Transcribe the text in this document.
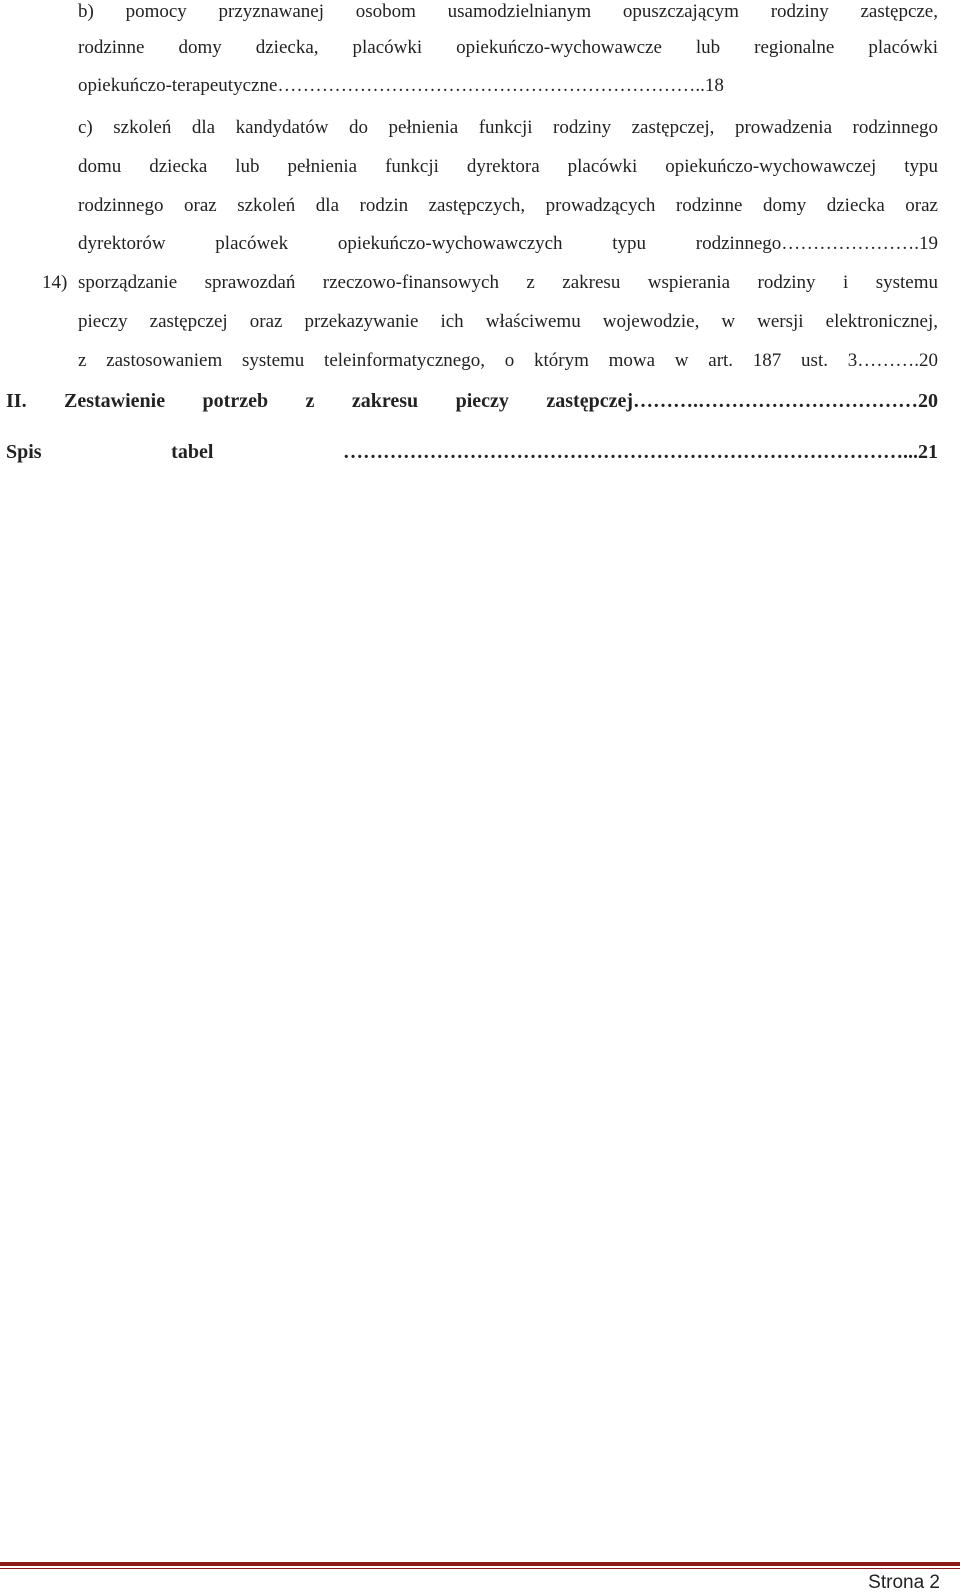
b) pomocy przyznawanej osobom usamodzielnianym opuszczającym rodziny zastępcze,
rodzinne domy dziecka, placówki opiekuńczo-wychowawcze lub regionalne placówki
opiekuńczo-terapeutyczne…………………………………………………………..18
c) szkoleń dla kandydatów do pełnienia funkcji rodziny zastępczej, prowadzenia rodzinnego
domu dziecka lub pełnienia funkcji dyrektora placówki opiekuńczo-wychowawczej typu
rodzinnego oraz szkoleń dla rodzin zastępczych, prowadzących rodzinne domy dziecka oraz
dyrektorów placówek opiekuńczo-wychowawczych typu rodzinnego………………….19
14) sporządzanie sprawozdań rzeczowo-finansowych z zakresu wspierania rodziny i systemu
pieczy zastępczej oraz przekazywanie ich właściwemu wojewodzie, w wersji elektronicznej,
z zastosowaniem systemu teleinformatycznego, o którym mowa w art. 187 ust. 3……….20
II. Zestawienie potrzeb z zakresu pieczy zastępczej……….……………………………20
Spis tabel …………………………………………………………………………...21
Strona 2
